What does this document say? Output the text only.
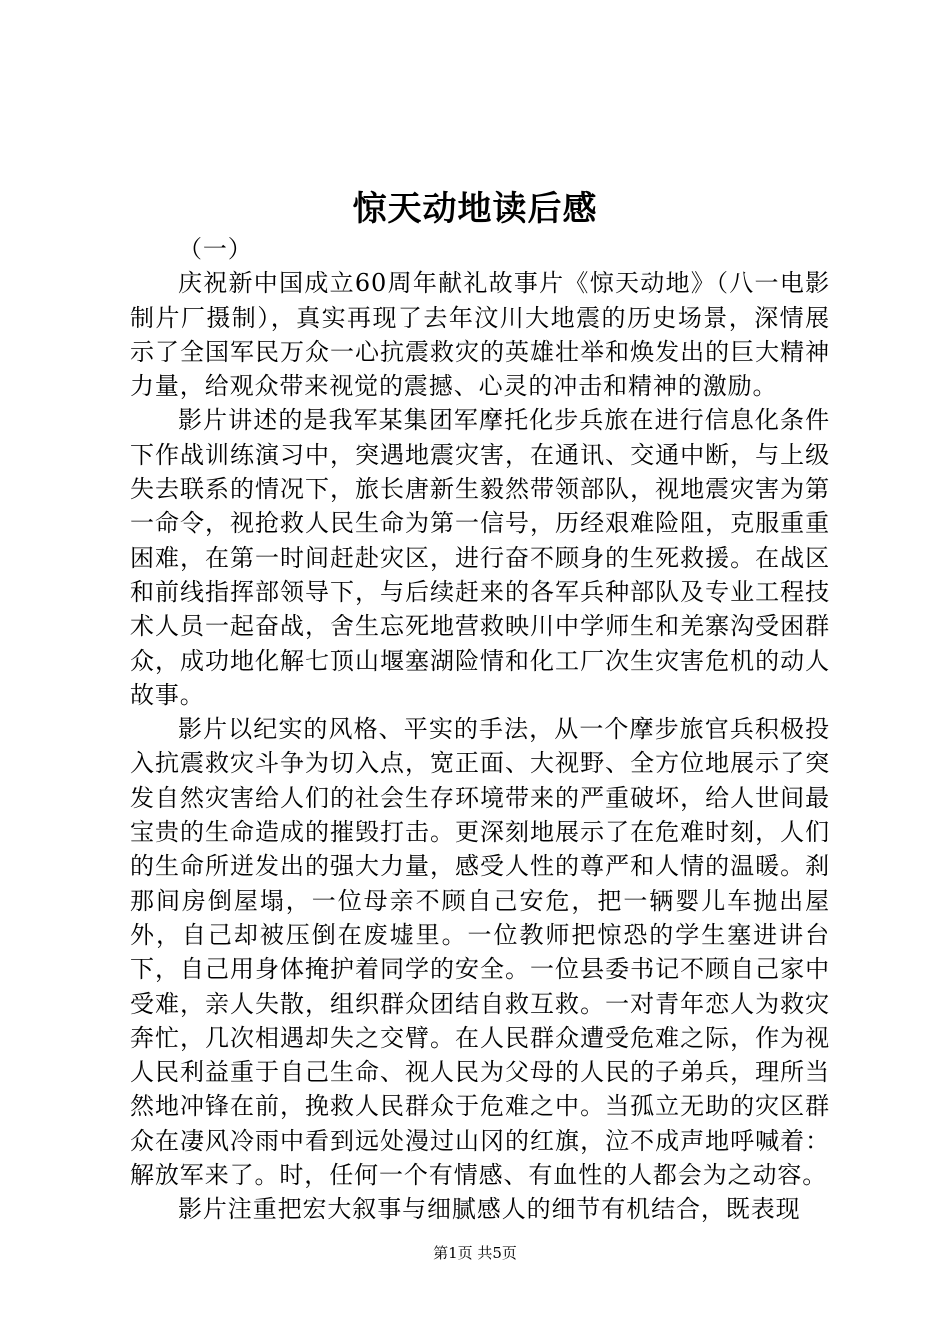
惊天动地读后感

（一）

庆祝新中国成立60周年献礼故事片《惊天动地》（八一电影制片厂摄制），真实再现了去年汶川大地震的历史场景，深情展示了全国军民万众一心抗震救灾的英雄壮举和焕发出的巨大精神力量，给观众带来视觉的震撼、心灵的冲击和精神的激励。

影片讲述的是我军某集团军摩托化步兵旅在进行信息化条件下作战训练演习中，突遇地震灾害，在通讯、交通中断，与上级失去联系的情况下，旅长唐新生毅然带领部队，视地震灾害为第一命令，视抢救人民生命为第一信号，历经艰难险阻，克服重重困难，在第一时间赶赴灾区，进行奋不顾身的生死救援。在战区和前线指挥部领导下，与后续赶来的各军兵种部队及专业工程技术人员一起奋战，舍生忘死地营救映川中学师生和羌寨沟受困群众，成功地化解七顶山堰塞湖险情和化工厂次生灾害危机的动人故事。

影片以纪实的风格、平实的手法，从一个摩步旅官兵积极投入抗震救灾斗争为切入点，宽正面、大视野、全方位地展示了突发自然灾害给人们的社会生存环境带来的严重破坏，给人世间最宝贵的生命造成的摧毁打击。更深刻地展示了在危难时刻，人们的生命所迸发出的强大力量，感受人性的尊严和人情的温暖。刹那间房倒屋塌，一位母亲不顾自己安危，把一辆婴儿车抛出屋外，自己却被压倒在废墟里。一位教师把惊恐的学生塞进讲台下，自己用身体掩护着同学的安全。一位县委书记不顾自己家中受难，亲人失散，组织群众团结自救互救。一对青年恋人为救灾奔忙，几次相遇却失之交臂。在人民群众遭受危难之际，作为视人民利益重于自己生命、视人民为父母的人民的子弟兵，理所当然地冲锋在前，挽救人民群众于危难之中。当孤立无助的灾区群众在凄风冷雨中看到远处漫过山冈的红旗，泣不成声地呼喊着：解放军来了。时，任何一个有情感、有血性的人都会为之动容。

影片注重把宏大叙事与细腻感人的细节有机结合，既表现

第1页 共5页
